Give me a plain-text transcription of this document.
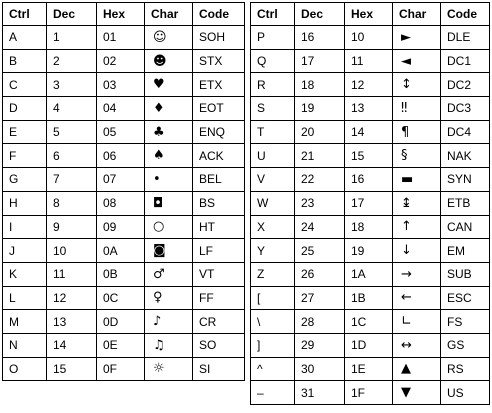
Ctrl	Dec	Hex	Char	Code
A	1	01	☺	SOH
B	2	02	☻	STX
C	3	03	♥	ETX
D	4	04	♦	EOT
E	5	05	♣	ENQ
F	6	06	♠	ACK
G	7	07	•	BEL
H	8	08	◘	BS
I	9	09	○	HT
J	10	0A	◙	LF
K	11	0B	♂	VT
L	12	0C	♀	FF
M	13	0D	♪	CR
N	14	0E	♫	SO
O	15	0F	☼	SI
Ctrl	Dec	Hex	Char	Code
P	16	10	►	DLE
Q	17	11	◄	DC1
R	18	12	↕	DC2
S	19	13	‼	DC3
T	20	14	¶	DC4
U	21	15	§	NAK
V	22	16	▬	SYN
W	23	17	↨	ETB
X	24	18	↑	CAN
Y	25	19	↓	EM
Z	26	1A	→	SUB
[	27	1B	←	ESC
\	28	1C	∟	FS
]	29	1D	↔	GS
^	30	1E	▲	RS
–	31	1F	▼	US
